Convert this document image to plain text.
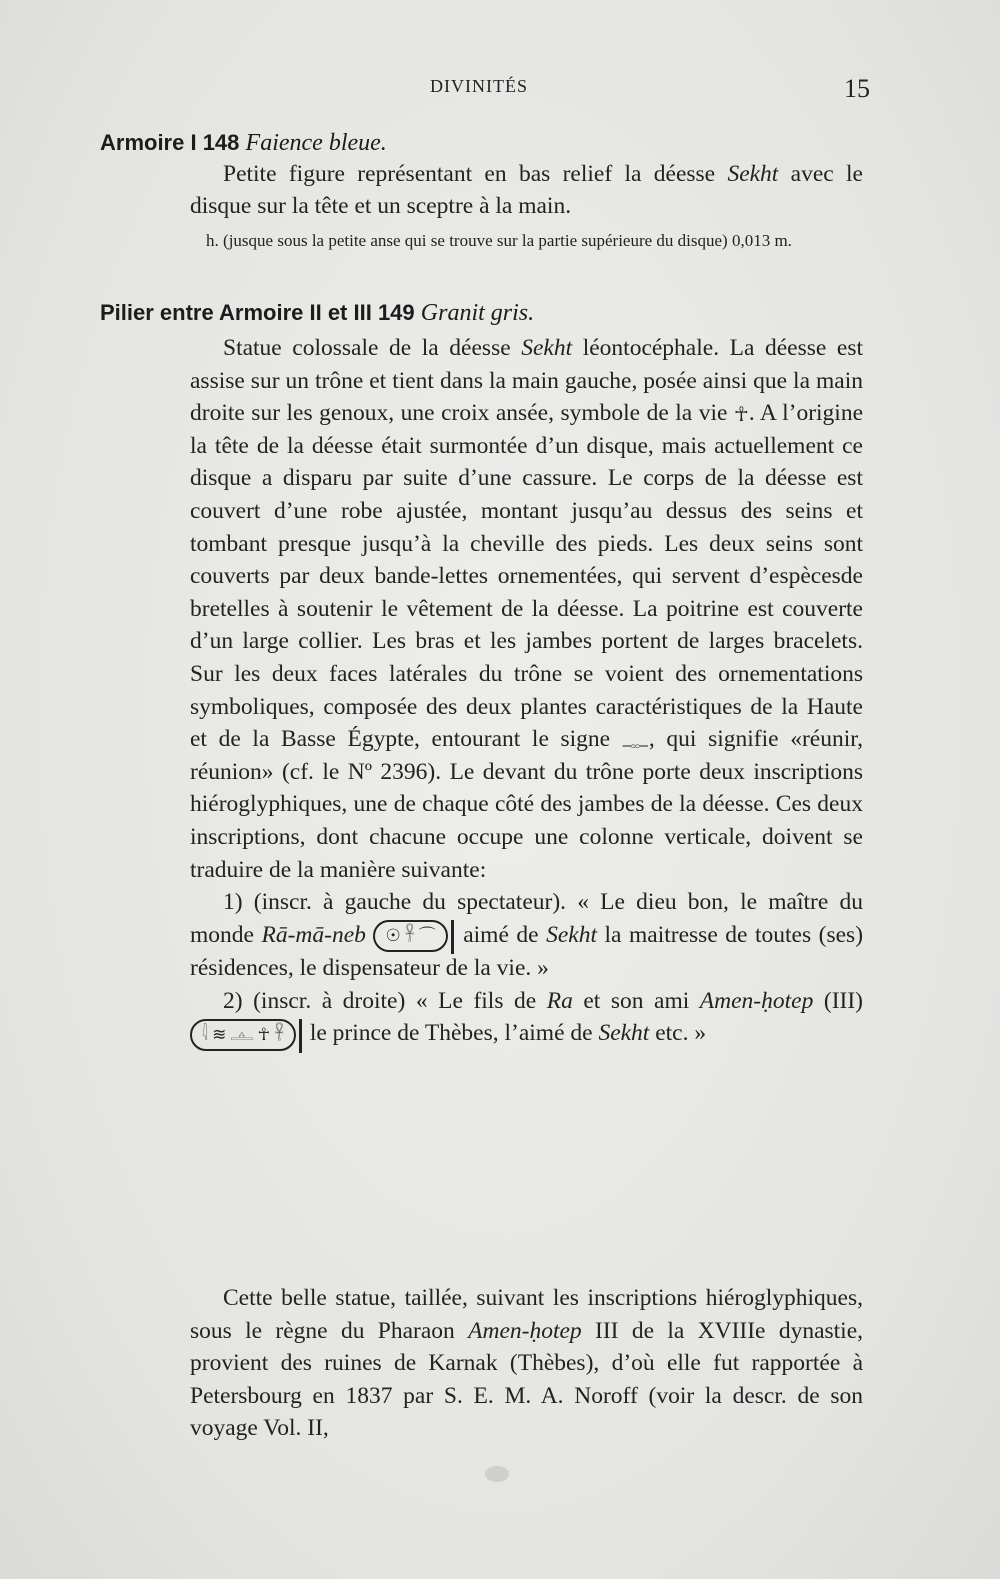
DIVINITÉS	15
Armoire I 148 Faience bleue.
Petite figure représentant en bas relief la déesse Sekht avec le disque sur la tête et un sceptre à la main.
h. (jusque sous la petite anse qui se trouve sur la partie supérieure du disque) 0,013 m.
Pilier entre Armoire II et III 149 Granit gris.
Statue colossale de la déesse Sekht léontocéphale. La déesse est assise sur un trône et tient dans la main gauche, posée ainsi que la main droite sur les genoux, une croix ansée, symbole de la vie ☥. A l’origine la tête de la déesse était surmontée d’un disque, mais actuellement ce disque a disparu par suite d’une cassure. Le corps de la déesse est couvert d’une robe ajustée, montant jusqu’au dessus des seins et tombant presque jusqu’à la cheville des pieds. Les deux seins sont couverts par deux bande-lettes ornementées, qui servent d’espècesde bretelles à soutenir le vêtement de la déesse. La poitrine est couverte d’un large collier. Les bras et les jambes portent de larges bracelets. Sur les deux faces latérales du trône se voient des ornementations symboliques, composée des deux plantes caractéristiques de la Haute et de la Basse Égypte, entourant le signe 𓊃, qui signifie «réunir, réunion» (cf. le Nº 2396). Le devant du trône porte deux inscriptions hiéroglyphiques, une de chaque côté des jambes de la déesse. Ces deux inscriptions, dont chacune occupe une colonne verticale, doivent se traduire de la manière suivante:
1) (inscr. à gauche du spectateur). « Le dieu bon, le maître du monde Rā-mā-neb ☉ 𓋹 ⌒ aimé de Sekht la maitresse de toutes (ses) résidences, le dispensateur de la vie. »
2) (inscr. à droite) « Le fils de Ra et son ami Amen-ḥotep (III) 𓇋 ≋ 𓊵 ☥ 𓋹 le prince de Thèbes, l’aimé de Sekht etc. »
Cette belle statue, taillée, suivant les inscriptions hiéroglyphiques, sous le règne du Pharaon Amen-ḥotep III de la XVIIIe dynastie, provient des ruines de Karnak (Thèbes), d’où elle fut rapportée à Petersbourg en 1837 par S. E. M. A. Noroff (voir la descr. de son voyage Vol. II,
